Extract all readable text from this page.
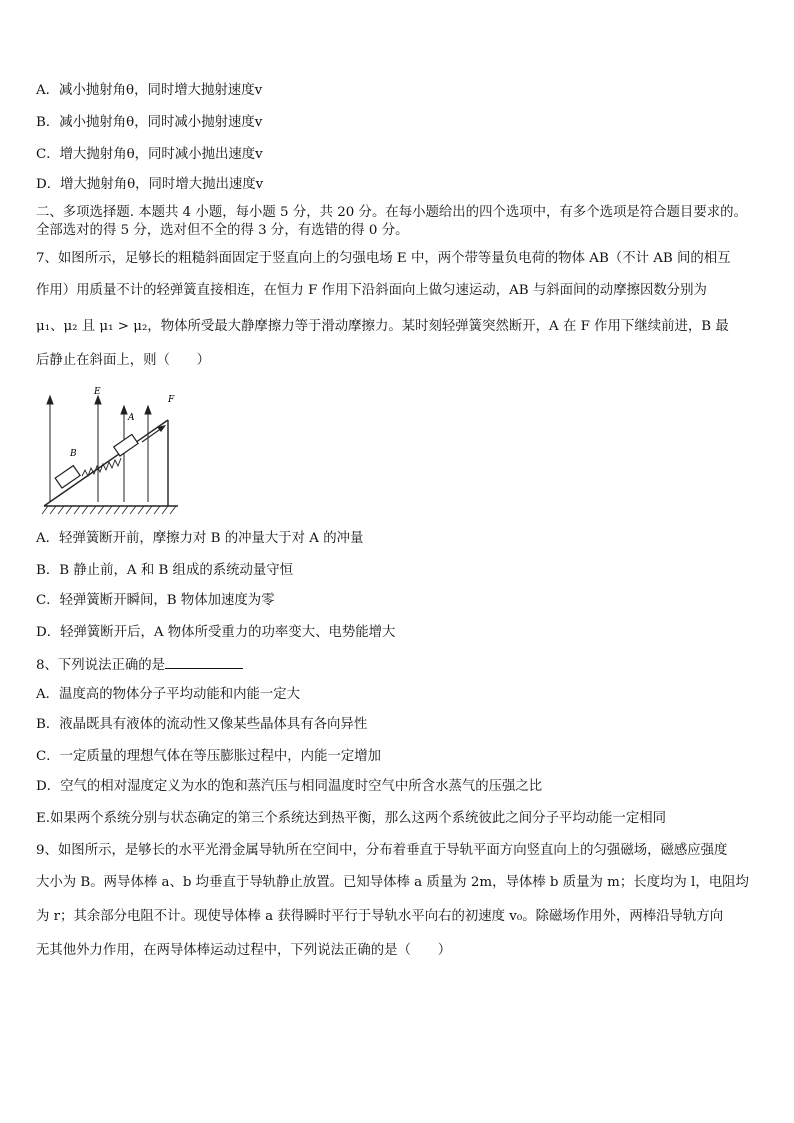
A．减小抛射角θ，同时增大抛射速度v
B．减小抛射角θ，同时减小抛射速度v
C．增大抛射角θ，同时减小抛出速度v
D．增大抛射角θ，同时增大抛出速度v
二、多项选择题. 本题共 4 小题，每小题 5 分，共 20 分。在每小题给出的四个选项中，有多个选项是符合题目要求的。
全部选对的得 5 分，选对但不全的得 3 分，有选错的得 0 分。
7、如图所示，足够长的粗糙斜面固定于竖直向上的匀强电场 E 中，两个带等量负电荷的物体 AB（不计 AB 间的相互
作用）用质量不计的轻弹簧直接相连，在恒力 F 作用下沿斜面向上做匀速运动，AB 与斜面间的动摩擦因数分别为
μ₁、μ₂ 且 μ₁ > μ₂，物体所受最大静摩擦力等于滑动摩擦力。某时刻轻弹簧突然断开，A 在 F 作用下继续前进，B 最
后静止在斜面上，则（　　）
E
F
A
B
A．轻弹簧断开前，摩擦力对 B 的冲量大于对 A 的冲量
B．B 静止前，A 和 B 组成的系统动量守恒
C．轻弹簧断开瞬间，B 物体加速度为零
D．轻弹簧断开后，A 物体所受重力的功率变大、电势能增大
8、下列说法正确的是
A．温度高的物体分子平均动能和内能一定大
B．液晶既具有液体的流动性又像某些晶体具有各向异性
C．一定质量的理想气体在等压膨胀过程中，内能一定增加
D．空气的相对湿度定义为水的饱和蒸汽压与相同温度时空气中所含水蒸气的压强之比
E.如果两个系统分别与状态确定的第三个系统达到热平衡，那么这两个系统彼此之间分子平均动能一定相同
9、如图所示，是够长的水平光滑金属导轨所在空间中，分布着垂直于导轨平面方向竖直向上的匀强磁场，磁感应强度
大小为 B。两导体棒 a、b 均垂直于导轨静止放置。已知导体棒 a 质量为 2m，导体棒 b 质量为 m；长度均为 l，电阻均
为 r；其余部分电阻不计。现使导体棒 a 获得瞬时平行于导轨水平向右的初速度 v₀。除磁场作用外，两棒沿导轨方向
无其他外力作用，在两导体棒运动过程中，下列说法正确的是（　　）
